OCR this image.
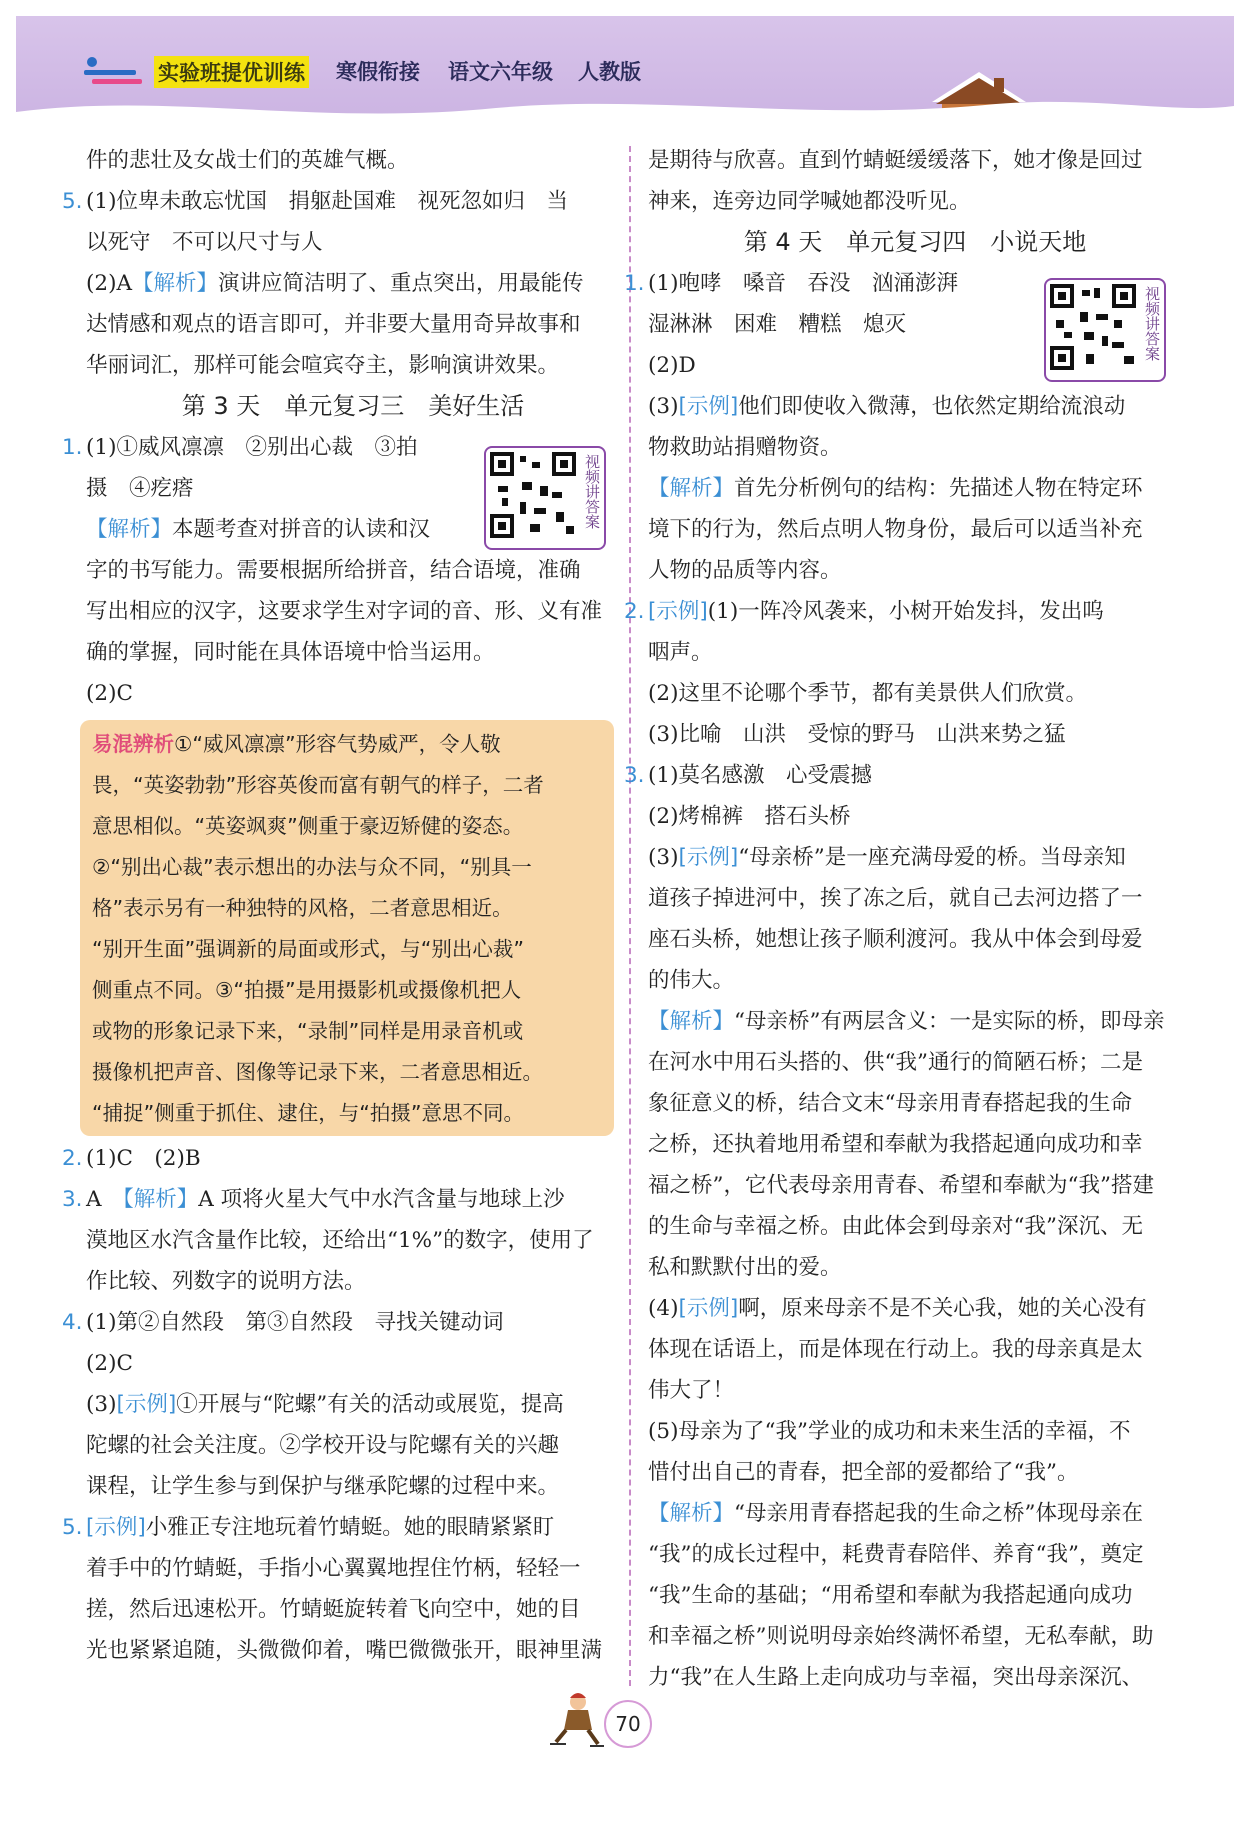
实验班提优训练 寒假衔接 语文六年级 人教版
件的悲壮及女战士们的英雄气概。
5. (1)位卑未敢忘忧国　捐躯赴国难　视死忽如归　当
以死守　不可以尺寸与人
(2)A【解析】演讲应简洁明了、重点突出，用最能传
达情感和观点的语言即可，并非要大量用奇异故事和
华丽词汇，那样可能会喧宾夺主，影响演讲效果。
第 3 天　单元复习三　美好生活
1. (1)①威风凛凛　②别出心裁　③拍
摄　④疙瘩
【解析】本题考查对拼音的认读和汉
字的书写能力。需要根据所给拼音，结合语境，准确
写出相应的汉字，这要求学生对字词的音、形、义有准
确的掌握，同时能在具体语境中恰当运用。
(2)C
易混辨析①“威风凛凛”形容气势威严，令人敬
畏，“英姿勃勃”形容英俊而富有朝气的样子，二者
意思相似。“英姿飒爽”侧重于豪迈矫健的姿态。
②“别出心裁”表示想出的办法与众不同，“别具一
格”表示另有一种独特的风格，二者意思相近。
“别开生面”强调新的局面或形式，与“别出心裁”
侧重点不同。③“拍摄”是用摄影机或摄像机把人
或物的形象记录下来，“录制”同样是用录音机或
摄像机把声音、图像等记录下来，二者意思相近。
“捕捉”侧重于抓住、逮住，与“拍摄”意思不同。
2. (1)C　(2)B
3. A　【解析】A 项将火星大气中水汽含量与地球上沙
漠地区水汽含量作比较，还给出“1%”的数字，使用了
作比较、列数字的说明方法。
4. (1)第②自然段　第③自然段　寻找关键动词
(2)C
(3)[示例]①开展与“陀螺”有关的活动或展览，提高
陀螺的社会关注度。②学校开设与陀螺有关的兴趣
课程，让学生参与到保护与继承陀螺的过程中来。
5. [示例]小雅正专注地玩着竹蜻蜓。她的眼睛紧紧盯
着手中的竹蜻蜓，手指小心翼翼地捏住竹柄，轻轻一
搓，然后迅速松开。竹蜻蜓旋转着飞向空中，她的目
光也紧紧追随，头微微仰着，嘴巴微微张开，眼神里满
是期待与欣喜。直到竹蜻蜓缓缓落下，她才像是回过
神来，连旁边同学喊她都没听见。
第 4 天　单元复习四　小说天地
1. (1)咆哮　嗓音　吞没　汹涌澎湃
湿淋淋　困难　糟糕　熄灭
(2)D
(3)[示例]他们即使收入微薄，也依然定期给流浪动
物救助站捐赠物资。
【解析】首先分析例句的结构：先描述人物在特定环
境下的行为，然后点明人物身份，最后可以适当补充
人物的品质等内容。
2. [示例](1)一阵冷风袭来，小树开始发抖，发出呜
咽声。
(2)这里不论哪个季节，都有美景供人们欣赏。
(3)比喻　山洪　受惊的野马　山洪来势之猛
3. (1)莫名感激　心受震撼
(2)烤棉裤　搭石头桥
(3)[示例]“母亲桥”是一座充满母爱的桥。当母亲知
道孩子掉进河中，挨了冻之后，就自己去河边搭了一
座石头桥，她想让孩子顺利渡河。我从中体会到母爱
的伟大。
【解析】“母亲桥”有两层含义：一是实际的桥，即母亲
在河水中用石头搭的、供“我”通行的简陋石桥；二是
象征意义的桥，结合文末“母亲用青春搭起我的生命
之桥，还执着地用希望和奉献为我搭起通向成功和幸
福之桥”，它代表母亲用青春、希望和奉献为“我”搭建
的生命与幸福之桥。由此体会到母亲对“我”深沉、无
私和默默付出的爱。
(4)[示例]啊，原来母亲不是不关心我，她的关心没有
体现在话语上，而是体现在行动上。我的母亲真是太
伟大了！
(5)母亲为了“我”学业的成功和未来生活的幸福，不
惜付出自己的青春，把全部的爱都给了“我”。
【解析】“母亲用青春搭起我的生命之桥”体现母亲在
“我”的成长过程中，耗费青春陪伴、养育“我”，奠定
“我”生命的基础；“用希望和奉献为我搭起通向成功
和幸福之桥”则说明母亲始终满怀希望，无私奉献，助
力“我”在人生路上走向成功与幸福，突出母亲深沉、
视频讲答案
视频讲答案
70
